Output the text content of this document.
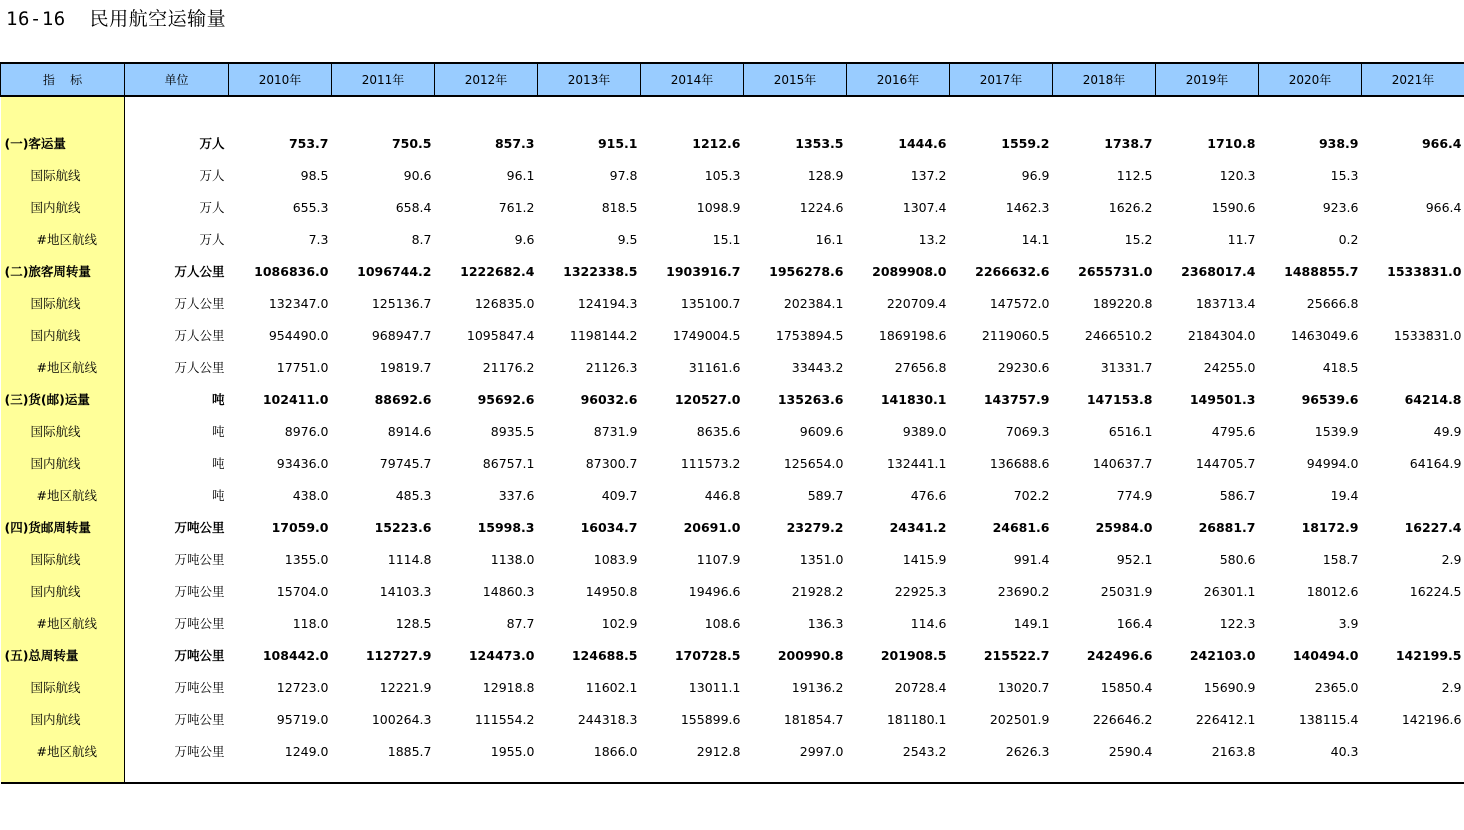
16-16  民用航空运输量
指    标	单位	2010年	2011年	2012年	2013年	2014年	2015年	2016年	2017年	2018年	2019年	2020年	2021年

(一)客运量	万人	753.7	750.5	857.3	915.1	1212.6	1353.5	1444.6	1559.2	1738.7	1710.8	938.9	966.4
国际航线	万人	98.5	90.6	96.1	97.8	105.3	128.9	137.2	96.9	112.5	120.3	15.3	
国内航线	万人	655.3	658.4	761.2	818.5	1098.9	1224.6	1307.4	1462.3	1626.2	1590.6	923.6	966.4
#地区航线	万人	7.3	8.7	9.6	9.5	15.1	16.1	13.2	14.1	15.2	11.7	0.2	
(二)旅客周转量	万人公里	1086836.0	1096744.2	1222682.4	1322338.5	1903916.7	1956278.6	2089908.0	2266632.6	2655731.0	2368017.4	1488855.7	1533831.0
国际航线	万人公里	132347.0	125136.7	126835.0	124194.3	135100.7	202384.1	220709.4	147572.0	189220.8	183713.4	25666.8	
国内航线	万人公里	954490.0	968947.7	1095847.4	1198144.2	1749004.5	1753894.5	1869198.6	2119060.5	2466510.2	2184304.0	1463049.6	1533831.0
#地区航线	万人公里	17751.0	19819.7	21176.2	21126.3	31161.6	33443.2	27656.8	29230.6	31331.7	24255.0	418.5	
(三)货(邮)运量	吨	102411.0	88692.6	95692.6	96032.6	120527.0	135263.6	141830.1	143757.9	147153.8	149501.3	96539.6	64214.8
国际航线	吨	8976.0	8914.6	8935.5	8731.9	8635.6	9609.6	9389.0	7069.3	6516.1	4795.6	1539.9	49.9
国内航线	吨	93436.0	79745.7	86757.1	87300.7	111573.2	125654.0	132441.1	136688.6	140637.7	144705.7	94994.0	64164.9
#地区航线	吨	438.0	485.3	337.6	409.7	446.8	589.7	476.6	702.2	774.9	586.7	19.4	
(四)货邮周转量	万吨公里	17059.0	15223.6	15998.3	16034.7	20691.0	23279.2	24341.2	24681.6	25984.0	26881.7	18172.9	16227.4
国际航线	万吨公里	1355.0	1114.8	1138.0	1083.9	1107.9	1351.0	1415.9	991.4	952.1	580.6	158.7	2.9
国内航线	万吨公里	15704.0	14103.3	14860.3	14950.8	19496.6	21928.2	22925.3	23690.2	25031.9	26301.1	18012.6	16224.5
#地区航线	万吨公里	118.0	128.5	87.7	102.9	108.6	136.3	114.6	149.1	166.4	122.3	3.9	
(五)总周转量	万吨公里	108442.0	112727.9	124473.0	124688.5	170728.5	200990.8	201908.5	215522.7	242496.6	242103.0	140494.0	142199.5
国际航线	万吨公里	12723.0	12221.9	12918.8	11602.1	13011.1	19136.2	20728.4	13020.7	15850.4	15690.9	2365.0	2.9
国内航线	万吨公里	95719.0	100264.3	111554.2	244318.3	155899.6	181854.7	181180.1	202501.9	226646.2	226412.1	138115.4	142196.6
#地区航线	万吨公里	1249.0	1885.7	1955.0	1866.0	2912.8	2997.0	2543.2	2626.3	2590.4	2163.8	40.3	
